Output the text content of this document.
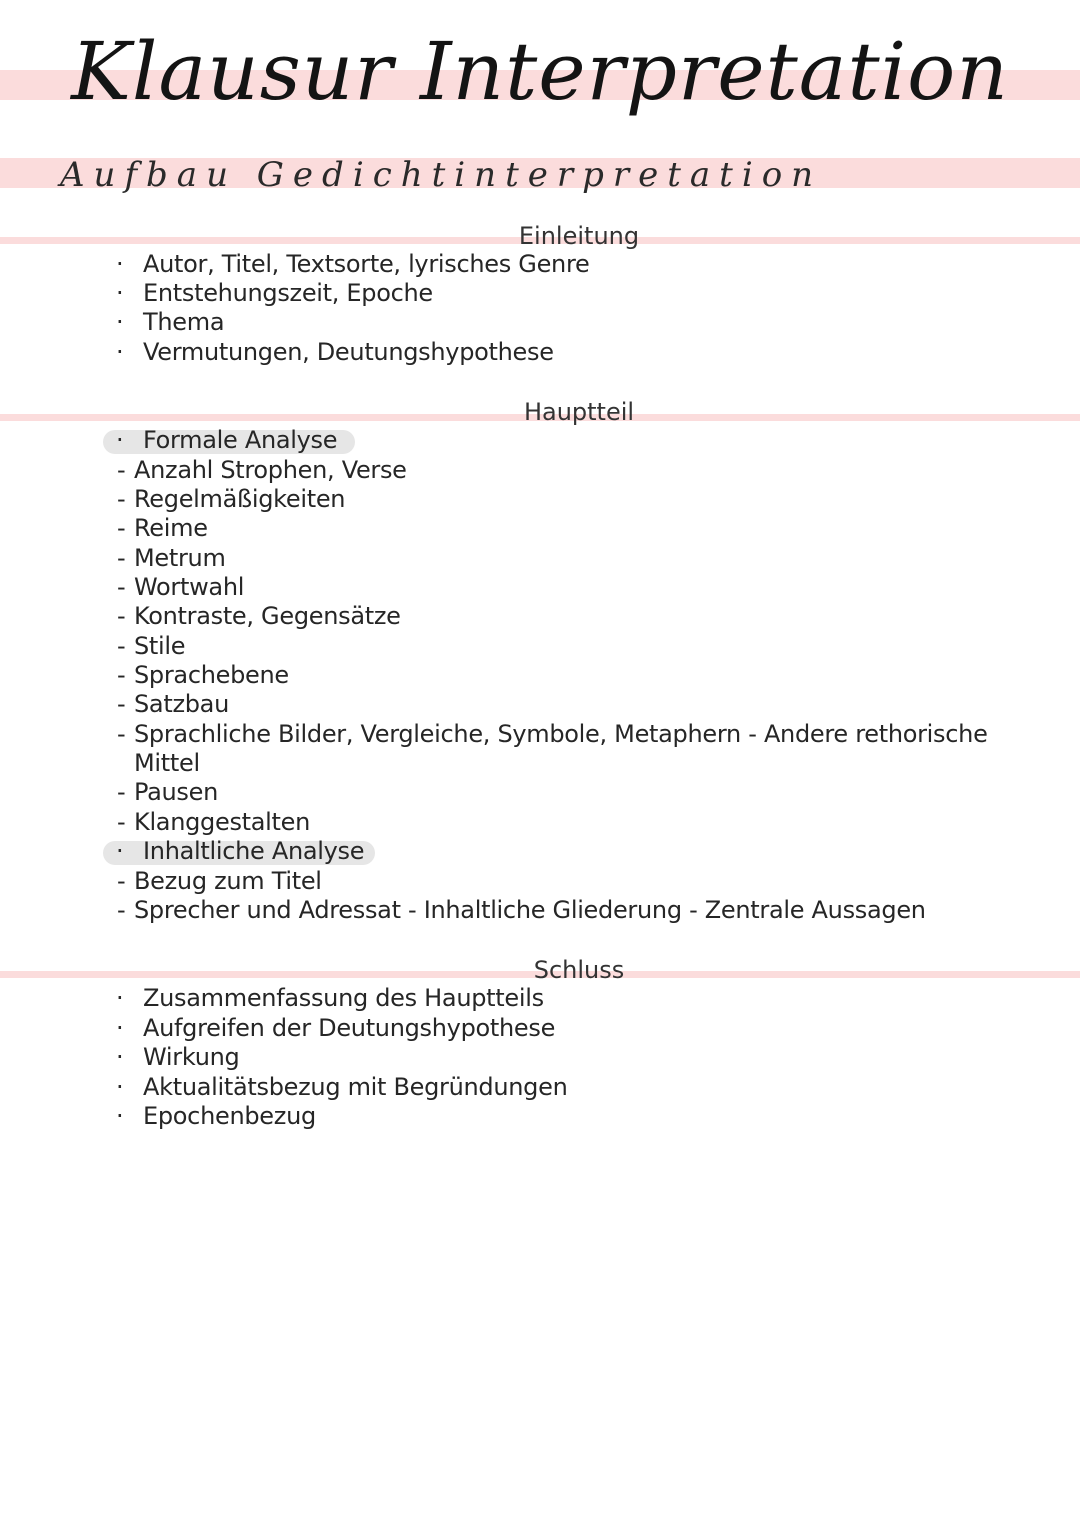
Klausur Interpretation
Aufbau Gedichtinterpretation
Einleitung
· Autor, Titel, Textsorte, lyrisches Genre
· Entstehungszeit, Epoche
· Thema
· Vermutungen, Deutungshypothese
Hauptteil
· Formale Analyse
- Anzahl Strophen, Verse
- Regelmäßigkeiten
- Reime
- Metrum
- Wortwahl
- Kontraste, Gegensätze
- Stile
- Sprachebene
- Satzbau
- Sprachliche Bilder, Vergleiche, Symbole, Metaphern - Andere rethorische
Mittel
- Pausen
- Klanggestalten
· Inhaltliche Analyse
- Bezug zum Titel
- Sprecher und Adressat - Inhaltliche Gliederung - Zentrale Aussagen
Schluss
· Zusammenfassung des Hauptteils
· Aufgreifen der Deutungshypothese
· Wirkung
· Aktualitätsbezug mit Begründungen
· Epochenbezug
